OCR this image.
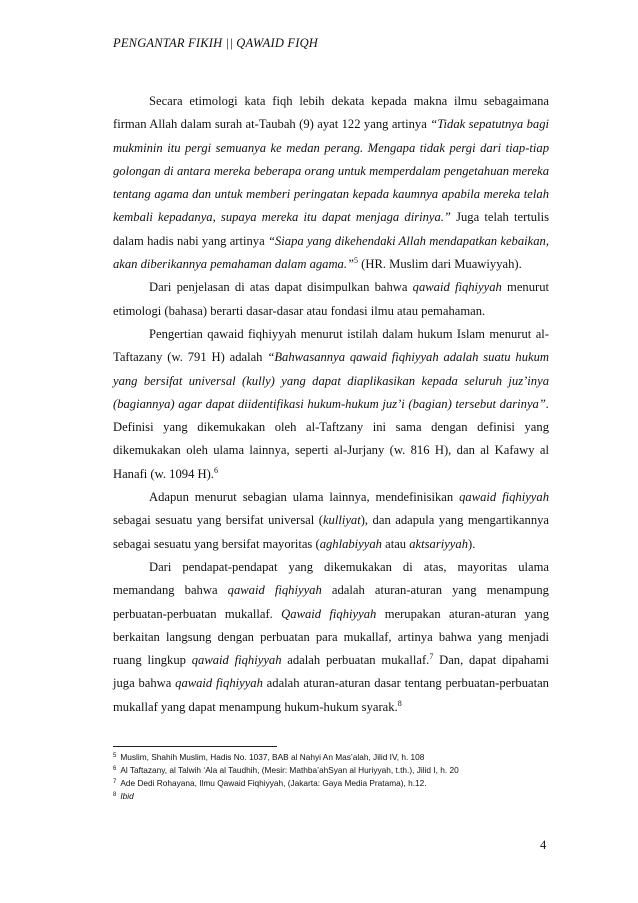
PENGANTAR FIKIH || QAWAID FIQH

Secara etimologi kata fiqh lebih dekata kepada makna ilmu sebagaimana firman Allah dalam surah at-Taubah (9) ayat 122 yang artinya “Tidak sepatutnya bagi mukminin itu pergi semuanya ke medan perang. Mengapa tidak pergi dari tiap-tiap golongan di antara mereka beberapa orang untuk memperdalam pengetahuan mereka tentang agama dan untuk memberi peringatan kepada kaumnya apabila mereka telah kembali kepadanya, supaya mereka itu dapat menjaga dirinya.” Juga telah tertulis dalam hadis nabi yang artinya “Siapa yang dikehendaki Allah mendapatkan kebaikan, akan diberikannya pemahaman dalam agama.”$^5$ (HR. Muslim dari Muawiyyah).

Dari penjelasan di atas dapat disimpulkan bahwa qawaid fiqhiyyah menurut etimologi (bahasa) berarti dasar-dasar atau fondasi ilmu atau pemahaman.

Pengertian qawaid fiqhiyyah menurut istilah dalam hukum Islam menurut al-Taftazany (w. 791 H) adalah “Bahwasannya qawaid fiqhiyyah adalah suatu hukum yang bersifat universal (kully) yang dapat diaplikasikan kepada seluruh juz’inya (bagiannya) agar dapat diidentifikasi hukum-hukum juz’i (bagian) tersebut darinya”. Definisi yang dikemukakan oleh al-Taftzany ini sama dengan definisi yang dikemukakan oleh ulama lainnya, seperti al-Jurjany (w. 816 H), dan al Kafawy al Hanafi (w. 1094 H).$^6$

Adapun menurut sebagian ulama lainnya, mendefinisikan qawaid fiqhiyyah sebagai sesuatu yang bersifat universal (kulliyat), dan adapula yang mengartikannya sebagai sesuatu yang bersifat mayoritas (aghlabiyyah atau aktsariyyah).

Dari pendapat-pendapat yang dikemukakan di atas, mayoritas ulama memandang bahwa qawaid fiqhiyyah adalah aturan-aturan yang menampung perbuatan-perbuatan mukallaf. Qawaid fiqhiyyah merupakan aturan-aturan yang berkaitan langsung dengan perbuatan para mukallaf, artinya bahwa yang menjadi ruang lingkup qawaid fiqhiyyah adalah perbuatan mukallaf.$^7$ Dan, dapat dipahami juga bahwa qawaid fiqhiyyah adalah aturan-aturan dasar tentang perbuatan-perbuatan mukallaf yang dapat menampung hukum-hukum syarak.$^8$

$^5$ Muslim, Shahih Muslim, Hadis No. 1037, BAB al Nahyi An Mas’alah, Jilid IV, h. 108
$^6$ Al Taftazany, al Talwih ‘Ala al Taudhih, (Mesir: Mathba’ahSyan al Huriyyah, t.th.), Jilid I, h. 20
$^7$ Ade Dedi Rohayana, Ilmu Qawaid Fiqhiyyah, (Jakarta: Gaya Media Pratama), h.12.
$^8$ Ibid
4
